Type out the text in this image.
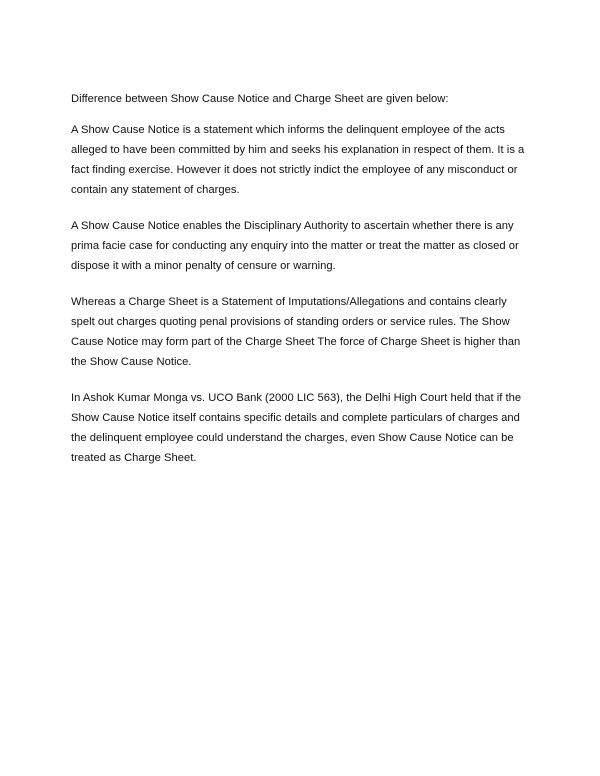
Difference between Show Cause Notice and Charge Sheet are given below:

A Show Cause Notice is a statement which informs the delinquent employee of the acts alleged to have been committed by him and seeks his explanation in respect of them. It is a fact finding exercise. However it does not strictly indict the employee of any misconduct or contain any statement of charges.

A Show Cause Notice enables the Disciplinary Authority to ascertain whether there is any prima facie case for conducting any enquiry into the matter or treat the matter as closed or dispose it with a minor penalty of censure or warning.

Whereas a Charge Sheet is a Statement of Imputations/Allegations and contains clearly spelt out charges quoting penal provisions of standing orders or service rules. The Show Cause Notice may form part of the Charge Sheet The force of Charge Sheet is higher than the Show Cause Notice.

In Ashok Kumar Monga vs. UCO Bank (2000 LIC 563), the Delhi High Court held that if the Show Cause Notice itself contains specific details and complete particulars of charges and the delinquent employee could understand the charges, even Show Cause Notice can be treated as Charge Sheet.
